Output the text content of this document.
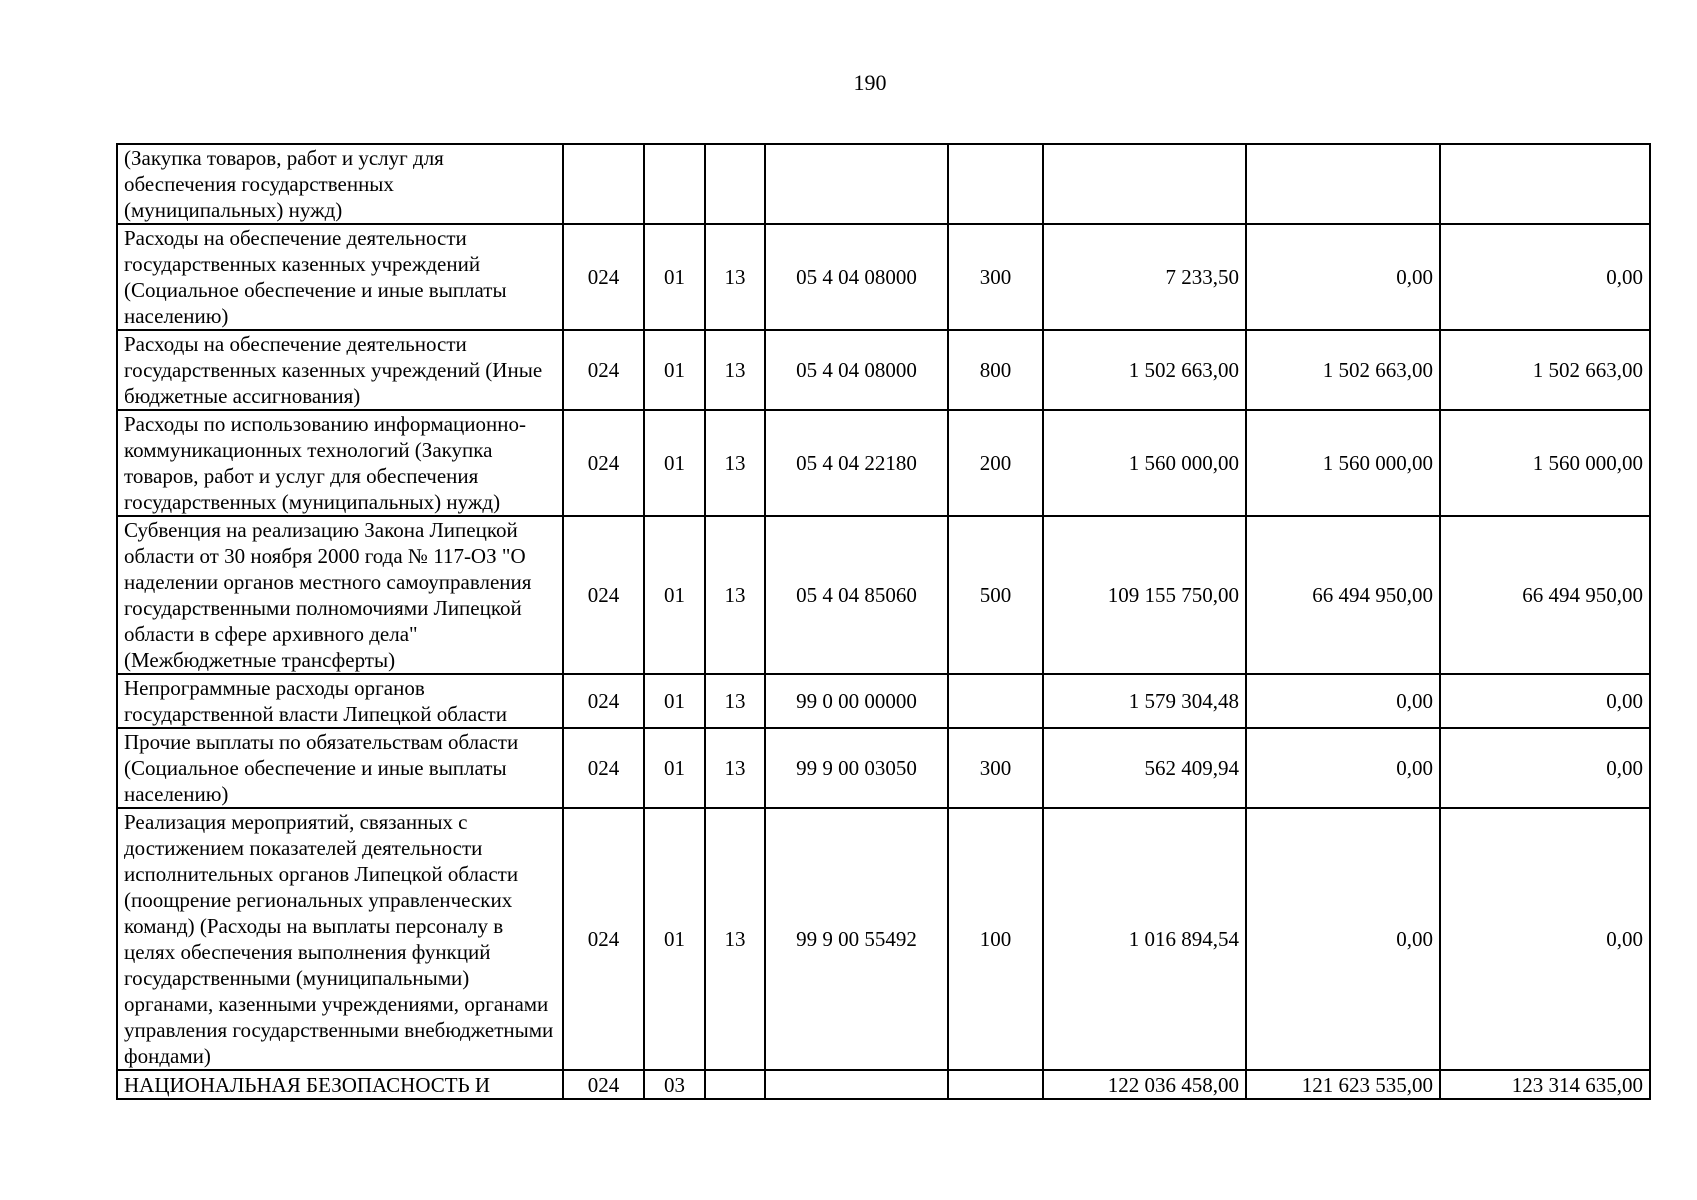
190
(Закупка товаров, работ и услуг для обеспечения государственных (муниципальных) нужд)								
Расходы на обеспечение деятельности государственных казенных учреждений (Социальное обеспечение и иные выплаты населению)	024	01	13	05 4 04 08000	300	7 233,50	0,00	0,00
Расходы на обеспечение деятельности государственных казенных учреждений (Иные бюджетные ассигнования)	024	01	13	05 4 04 08000	800	1 502 663,00	1 502 663,00	1 502 663,00
Расходы по использованию информационно-коммуникационных технологий (Закупка товаров, работ и услуг для обеспечения государственных (муниципальных) нужд)	024	01	13	05 4 04 22180	200	1 560 000,00	1 560 000,00	1 560 000,00
Субвенция на реализацию Закона Липецкой области от 30 ноября 2000 года № 117-ОЗ "О наделении органов местного самоуправления государственными полномочиями Липецкой области в сфере архивного дела" (Межбюджетные трансферты)	024	01	13	05 4 04 85060	500	109 155 750,00	66 494 950,00	66 494 950,00
Непрограммные расходы органов государственной власти Липецкой области	024	01	13	99 0 00 00000		1 579 304,48	0,00	0,00
Прочие выплаты по обязательствам области (Социальное обеспечение и иные выплаты населению)	024	01	13	99 9 00 03050	300	562 409,94	0,00	0,00
Реализация мероприятий, связанных с достижением показателей деятельности исполнительных органов Липецкой области (поощрение региональных управленческих команд) (Расходы на выплаты персоналу в целях обеспечения выполнения функций государственными (муниципальными) органами, казенными учреждениями, органами управления государственными внебюджетными фондами)	024	01	13	99 9 00 55492	100	1 016 894,54	0,00	0,00
НАЦИОНАЛЬНАЯ БЕЗОПАСНОСТЬ И	024	03				122 036 458,00	121 623 535,00	123 314 635,00
